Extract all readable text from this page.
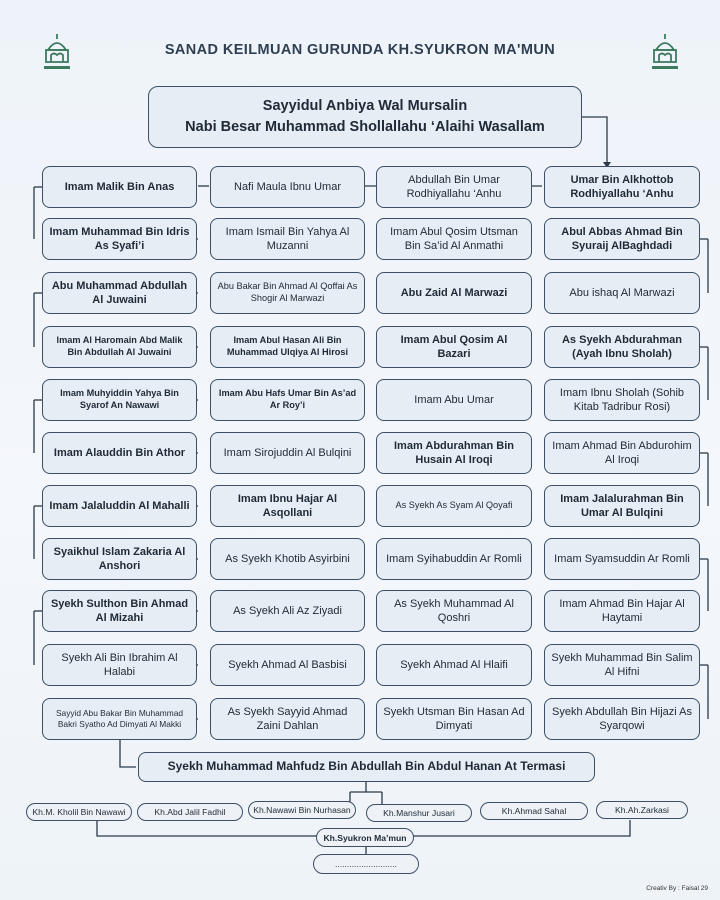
SANAD KEILMUAN GURUNDA KH.SYUKRON MA'MUN
Sayyidul Anbiya Wal Mursalin
Nabi Besar Muhammad Shollallahu ‘Alaihi Wasallam
Imam Malik Bin Anas	Nafi Maula Ibnu Umar
Abdullah Bin Umar Rodhiyallahu ‘Anhu
Umar Bin Alkhottob Rodhiyallahu ‘Anhu
Imam Muhammad Bin Idris As Syafi’i
Imam Ismail Bin Yahya Al Muzanni
Imam Abul Qosim Utsman Bin Sa’id Al Anmathi
Abul Abbas Ahmad Bin Syuraij AlBaghdadi
Abu Muhammad Abdullah Al Juwaini
Abu Bakar Bin Ahmad Al Qoffai As Shogir Al Marwazi	Abu Zaid Al Marwazi	Abu ishaq Al Marwazi
Imam Al Haromain Abd Malik Bin Abdullah Al Juwaini
Imam Abul Hasan Ali Bin Muhammad Ulqiya Al Hirosi
Imam Abul Qosim Al Bazari
As Syekh Abdurahman (Ayah Ibnu Sholah)
Imam Muhyiddin Yahya Bin Syarof An Nawawi
Imam Abu Hafs Umar Bin As’ad Ar Roy’i	Imam Abu Umar
Imam Ibnu Sholah (Sohib Kitab Tadribur Rosi)
Imam Alauddin Bin Athor	Imam Sirojuddin Al Bulqini
Imam Abdurahman Bin Husain Al Iroqi
Imam Ahmad Bin Abdurohim Al Iroqi
Imam Jalaluddin Al Mahalli
Imam Ibnu Hajar Al Asqollani
As Syekh As Syam Al Qoyafi
Imam Jalalurahman Bin Umar Al Bulqini
Syaikhul Islam Zakaria Al Anshori
As Syekh Khotib Asyirbini	Imam Syihabuddin Ar Romli	Imam Syamsuddin Ar Romli
Syekh Sulthon Bin Ahmad Al Mizahi
As Syekh Ali Az Ziyadi
As Syekh Muhammad Al Qoshri
Imam Ahmad Bin Hajar Al Haytami
Syekh Ali Bin Ibrahim Al Halabi
Syekh Ahmad Al Basbisi	Syekh Ahmad Al Hlaifi
Syekh Muhammad Bin Salim Al Hifni
Sayyid Abu Bakar Bin Muhammad Bakri Syatho Ad Dimyati Al Makki
As Syekh Sayyid Ahmad Zaini Dahlan
Syekh Utsman Bin Hasan Ad Dimyati
Syekh Abdullah Bin Hijazi As Syarqowi
Syekh Muhammad Mahfudz Bin Abdullah Bin Abdul Hanan At Termasi
Kh.M. Kholil Bin Nawawi	Kh.Abd Jalil Fadhil	Kh.Nawawi Bin Nurhasan	Kh.Manshur Jusari	Kh.Ahmad Sahal	Kh.Ah.Zarkasi
Kh.Syukron Ma’mun
..........................
Creativ By : Faisal 29
